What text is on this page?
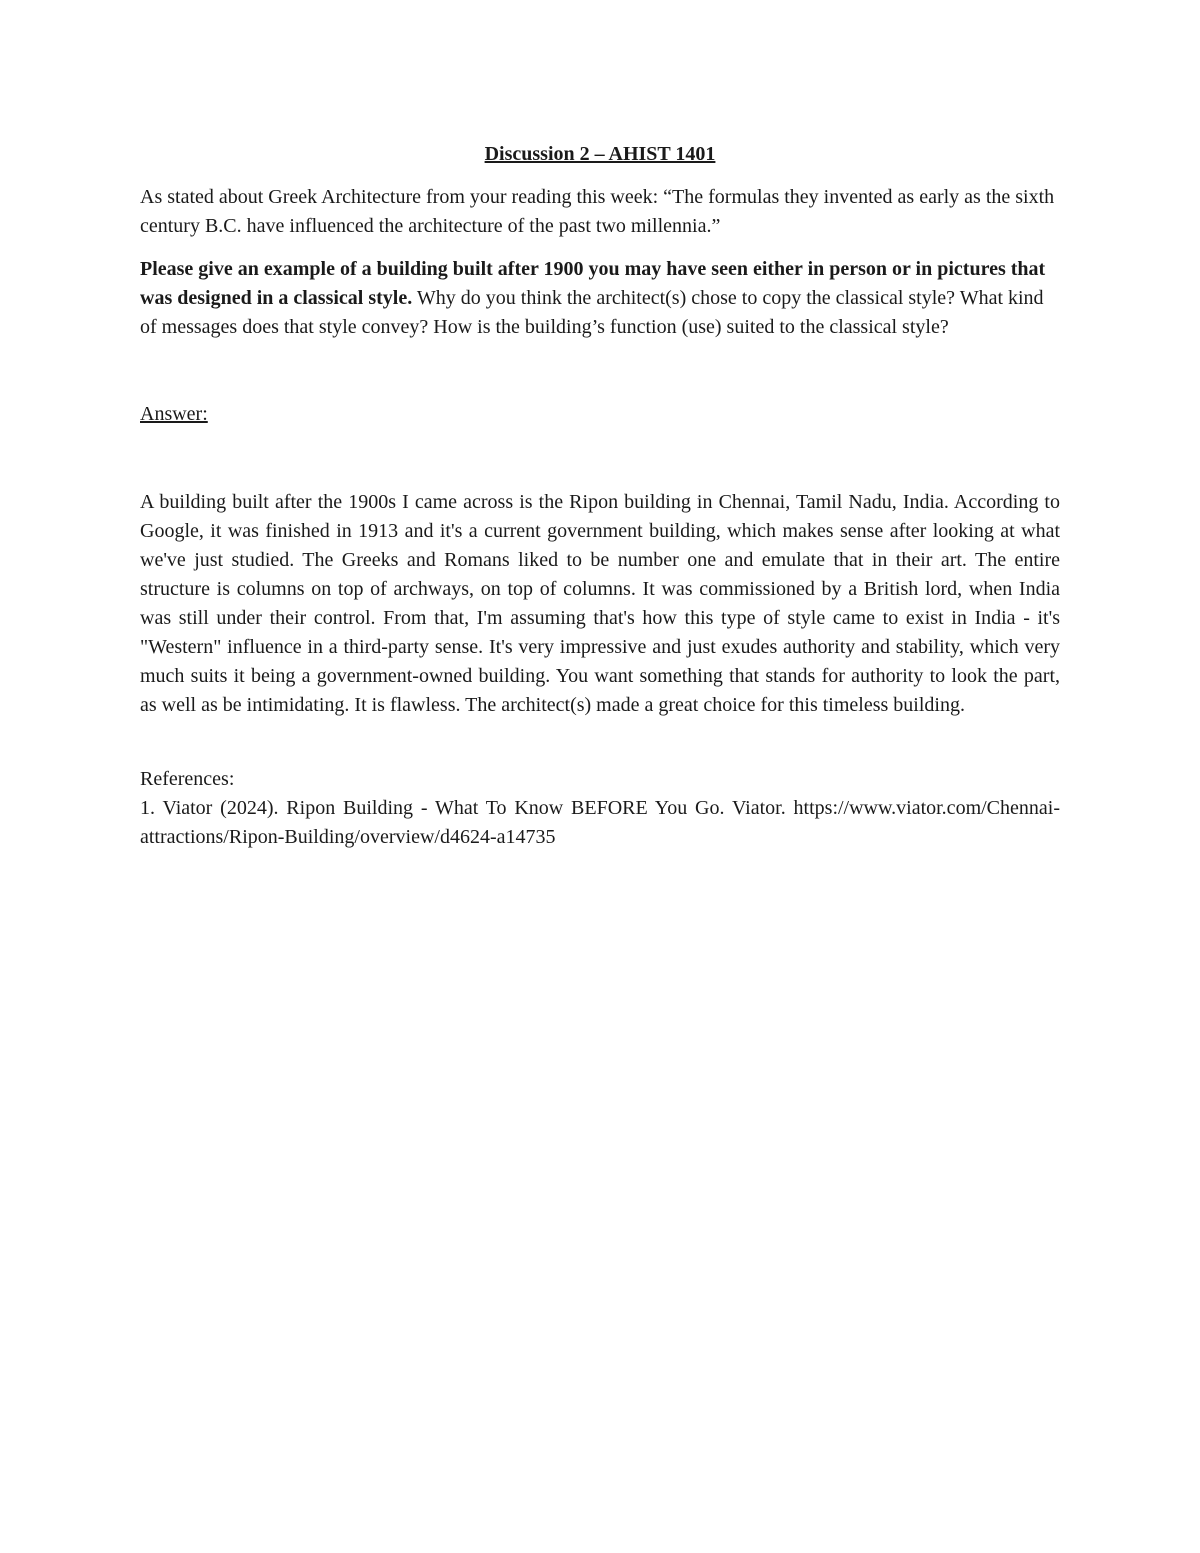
Discussion 2 – AHIST 1401

As stated about Greek Architecture from your reading this week: “The formulas they invented as early as the sixth century B.C. have influenced the architecture of the past two millennia.”

Please give an example of a building built after 1900 you may have seen either in person or in pictures that was designed in a classical style. Why do you think the architect(s) chose to copy the classical style? What kind of messages does that style convey? How is the building’s function (use) suited to the classical style?

Answer:

A building built after the 1900s I came across is the Ripon building in Chennai, Tamil Nadu, India. According to Google, it was finished in 1913 and it's a current government building, which makes sense after looking at what we've just studied. The Greeks and Romans liked to be number one and emulate that in their art. The entire structure is columns on top of archways, on top of columns. It was commissioned by a British lord, when India was still under their control. From that, I'm assuming that's how this type of style came to exist in India - it's "Western" influence in a third-party sense. It's very impressive and just exudes authority and stability, which very much suits it being a government-owned building. You want something that stands for authority to look the part, as well as be intimidating. It is flawless. The architect(s) made a great choice for this timeless building.

References:

1. Viator (2024). Ripon Building - What To Know BEFORE You Go. Viator. https://www.viator.com/Chennai-attractions/Ripon-Building/overview/d4624-a14735
